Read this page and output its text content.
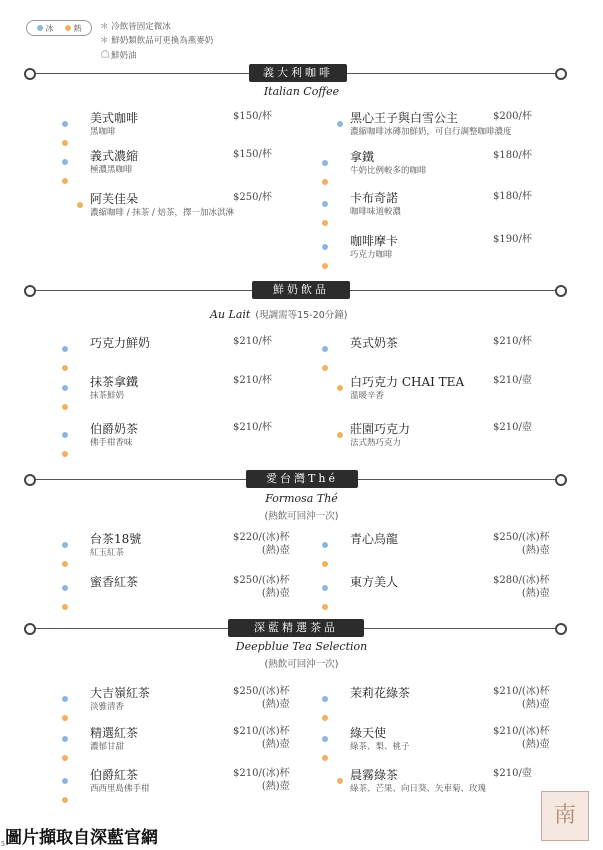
冰	熱 ＊ 冷飲皆固定微冰
＊ 鮮奶類飲品可更換為燕麥奶
鮮奶油
義大利咖啡
Italian Coffee
鮮奶飲品
Au Lait (現調需等15-20分鐘)
愛台灣Thé
Formosa Thé
(熱飲可回沖一次)
深藍精選茶品
Deepblue Tea Selection
(熱飲可回沖一次)
美式咖啡
黑咖啡
$150/杯
義式濃縮
極濃黑咖啡
$150/杯
阿芙佳朵
濃縮咖啡 / 抹茶 / 焙茶，擇一加冰淇淋
$250/杯
黑心王子與白雪公主
濃縮咖啡冰磚加鮮奶，可自行調整咖啡濃度
$200/杯
拿鐵
牛奶比例較多的咖啡
$180/杯
卡布奇諾
咖啡味道較濃
$180/杯
咖啡摩卡
巧克力咖啡
$190/杯
巧克力鮮奶	$210/杯
抹茶拿鐵
抹茶鮮奶
$210/杯
伯爵奶茶
佛手柑香味
$210/杯
英式奶茶	$210/杯
白巧克力 CHAI TEA
溫暖辛香
$210/壺
莊園巧克力
法式熱巧克力
$210/壺
台茶18號
紅玉紅茶
$220/(冰)杯
(熱)壺
蜜香紅茶	$250/(冰)杯
(熱)壺
青心烏龍	$250/(冰)杯
(熱)壺
東方美人	$280/(冰)杯
(熱)壺
大吉嶺紅茶
淡雅清香
$250/(冰)杯
(熱)壺
精選紅茶
濃郁甘甜
$210/(冰)杯
(熱)壺
伯爵紅茶
西西里島佛手柑
$210/(冰)杯
(熱)壺
茉莉花綠茶	$210/(冰)杯
(熱)壺
綠天使
綠茶、梨、桃子
$210/(冰)杯
(熱)壺
晨霧綠茶
綠茶、芒果、向日葵、矢車菊、玫瑰
$210/壺
南
5 圖片擷取自深藍官網
